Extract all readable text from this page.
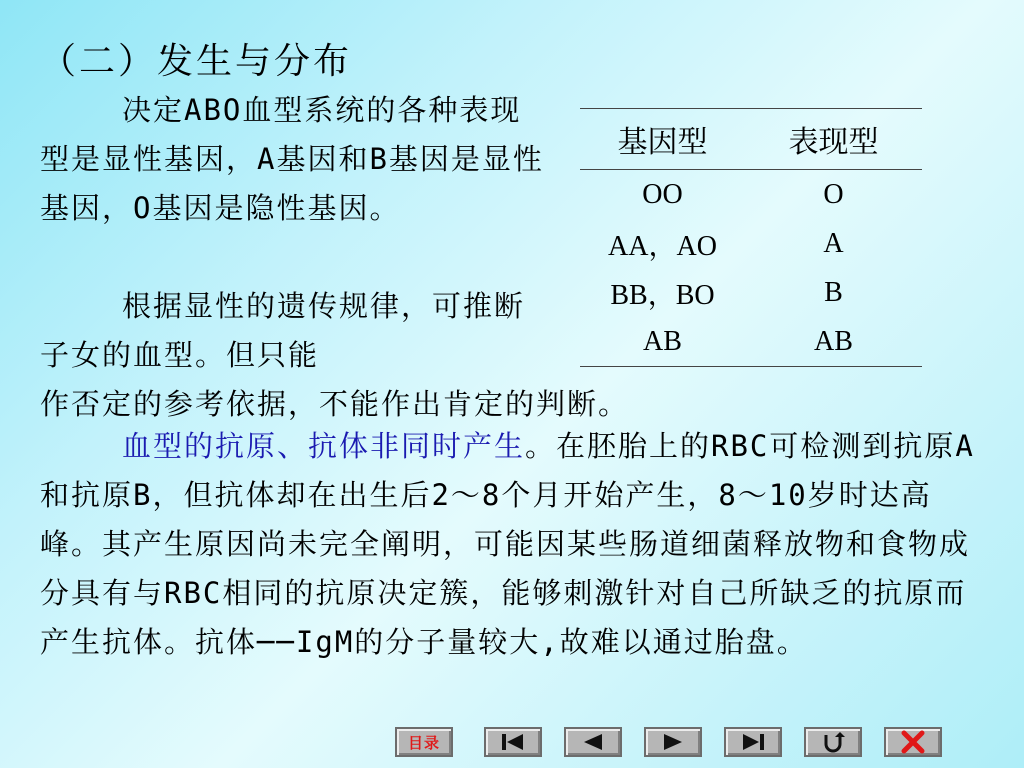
（二）发生与分布

决定ABO血型系统的各种表现型是显性基因，A基因和B基因是显性基因，O基因是隐性基因。

根据显性的遗传规律，可推断子女的血型。但只能

作否定的参考依据，不能作出肯定的判断。

血型的抗原、抗体非同时产生。在胚胎上的RBC可检测到抗原A和抗原B，但抗体却在出生后2～8个月开始产生，8～10岁时达高峰。其产生原因尚未完全阐明，可能因某些肠道细菌释放物和食物成分具有与RBC相同的抗原决定簇，能够刺激针对自己所缺乏的抗原而产生抗体。抗体──IgM的分子量较大,故难以通过胎盘。

基因型	表现型
OO	O
AA，AO	A
BB，BO	B
AB	AB
目录
